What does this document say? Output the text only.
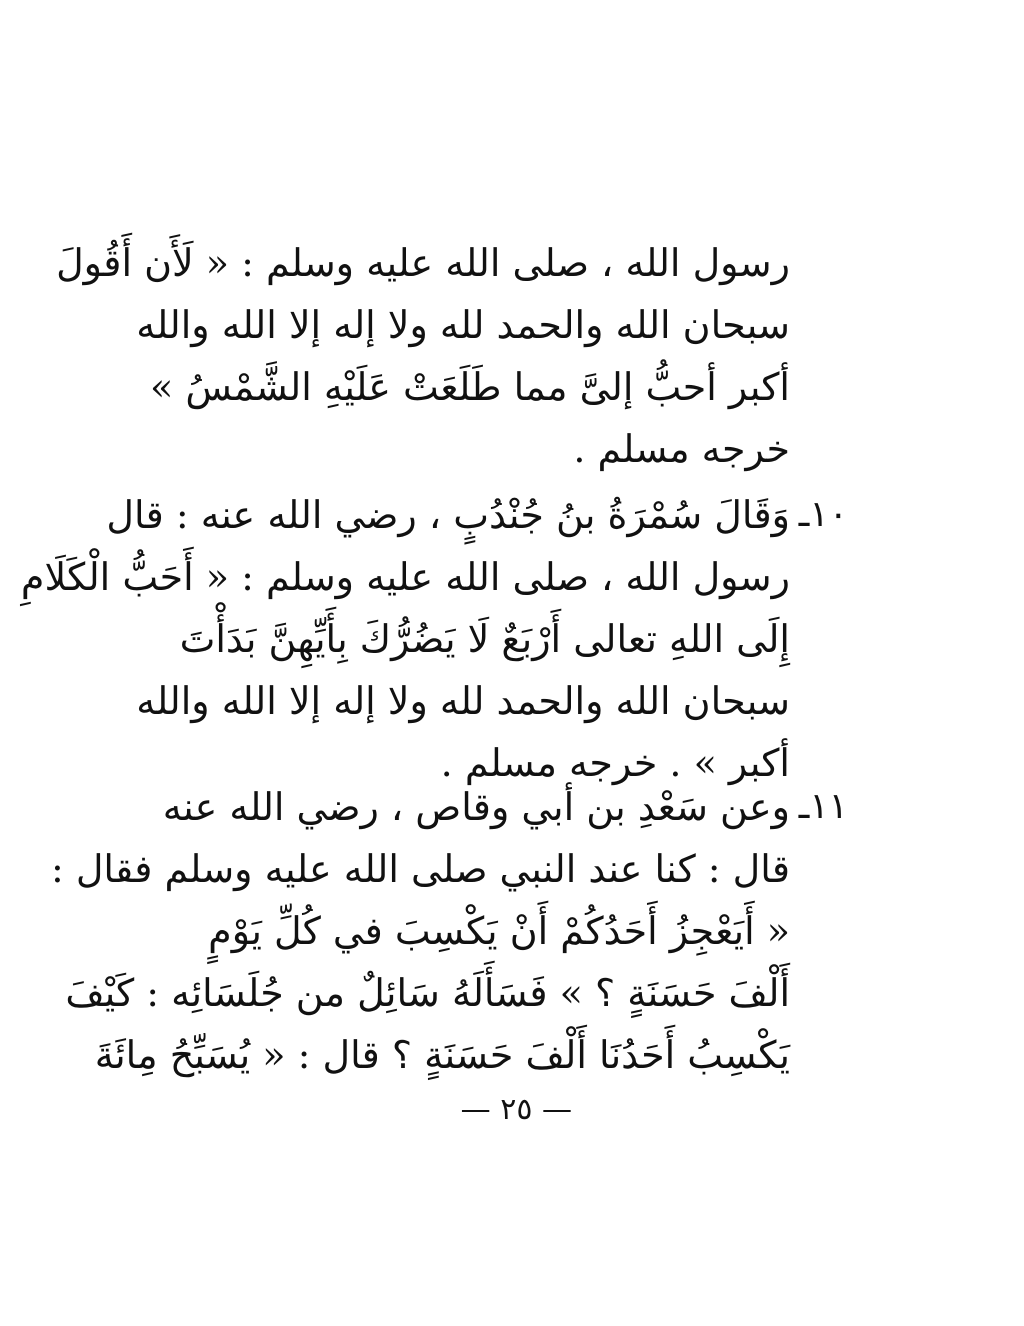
رسول الله ، صلى الله عليه وسلم : « لَأَن أَقُولَ
سبحان الله والحمد لله ولا إله إلا الله والله
أكبر أحبُّ إلىَّ مما طَلَعَتْ عَلَيْهِ الشَّمْسُ »
خرجه مسلم .
١٠ـ
وَقَالَ سُمْرَةُ بنُ جُنْدُبٍ ، رضي الله عنه : قال
رسول الله ، صلى الله عليه وسلم : « أَحَبُّ الْكَلَامِ
إِلَى اللهِ تعالى أَرْبَعٌ لَا يَضُرُّكَ بِأَيِّهِنَّ بَدَأْتَ
سبحان الله والحمد لله ولا إله إلا الله والله
أكبر » . خرجه مسلم .
١١ـ
وعن سَعْدِ بن أبي وقاص ، رضي الله عنه
قال : كنا عند النبي صلى الله عليه وسلم فقال :
« أَيَعْجِزُ أَحَدُكُمْ أَنْ يَكْسِبَ في كُلِّ يَوْمٍ
أَلْفَ حَسَنَةٍ ؟ » فَسَأَلَهُ سَائِلٌ من جُلَسَائِه : كَيْفَ
يَكْسِبُ أَحَدُنَا أَلْفَ حَسَنَةٍ ؟ قال : « يُسَبِّحُ مِائَةَ
— ٢٥ —
